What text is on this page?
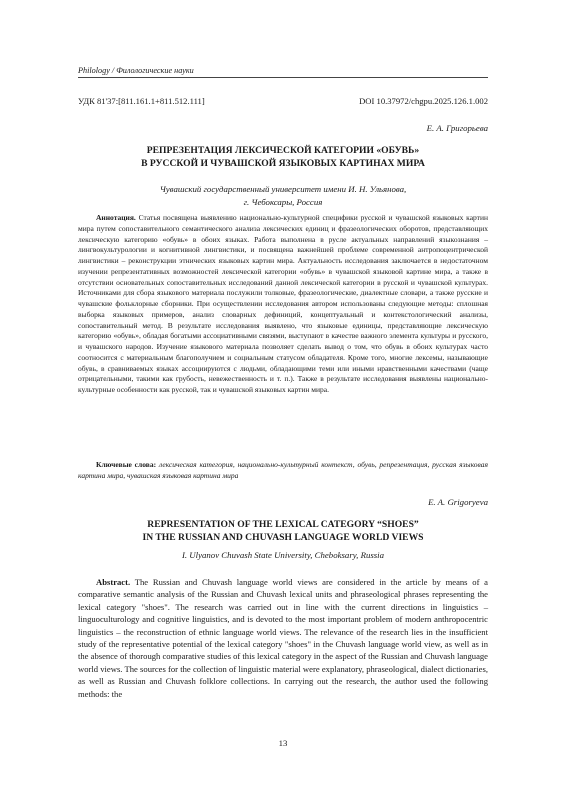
Philology / Филологические науки
УДК 81'37:[811.161.1+811.512.111]	DOI 10.37972/chgpu.2025.126.1.002
Е. А. Григорьева
РЕПРЕЗЕНТАЦИЯ ЛЕКСИЧЕСКОЙ КАТЕГОРИИ «ОБУВЬ»
В РУССКОЙ И ЧУВАШСКОЙ ЯЗЫКОВЫХ КАРТИНАХ МИРА
Чувашский государственный университет имени И. Н. Ульянова,
г. Чебоксары, Россия

Аннотация. Статья посвящена выявлению национально-культурной специфики русской и чувашской языковых картин мира путем сопоставительного семантического анализа лексических единиц и фразеологических оборотов, представляющих лексическую категорию «обувь» в обоих языках. Работа выполнена в русле актуальных направлений языкознания – лингвокультурологии и когнитивной лингвистики, и посвящена важнейшей проблеме современной антропоцентрической лингвистики – реконструкции этнических языковых картин мира. Актуальность исследования заключается в недостаточном изучении репрезентативных возможностей лексической категории «обувь» в чувашской языковой картине мира, а также в отсутствии основательных сопоставительных исследований данной лексической категории в русской и чувашской культурах. Источниками для сбора языкового материала послужили толковые, фразеологические, диалектные словари, а также русские и чувашские фольклорные сборники. При осуществлении исследования автором использованы следующие методы: сплошная выборка языковых примеров, анализ словарных дефиниций, концептуальный и контекстологический анализы, сопоставительный метод. В результате исследования выявлено, что языковые единицы, представляющие лексическую категорию «обувь», обладая богатыми ассоциативными связями, выступают в качестве важного элемента культуры и русского, и чувашского народов. Изучение языкового материала позволяет сделать вывод о том, что обувь в обоих культурах часто соотносится с материальным благополучием и социальным статусом обладателя. Кроме того, многие лексемы, называющие обувь, в сравниваемых языках ассоциируются с людьми, обладающими теми или иными нравственными качествами (чаще отрицательными, такими как грубость, невежественность и т. п.). Также в результате исследования выявлены национально-культурные особенности как русской, так и чувашской языковых картин мира.

Ключевые слова: лексическая категория, национально-культурный контекст, обувь, репрезентация, русская языковая картина мира, чувашская языковая картина мира

E. A. Grigoryeva
REPRESENTATION OF THE LEXICAL CATEGORY “SHOES”
IN THE RUSSIAN AND CHUVASH LANGUAGE WORLD VIEWS
I. Ulyanov Chuvash State University, Cheboksary, Russia

Abstract. The Russian and Chuvash language world views are considered in the article by means of a comparative semantic analysis of the Russian and Chuvash lexical units and phraseological phrases representing the lexical category "shoes". The research was carried out in line with the current directions in linguistics – linguoculturology and cognitive linguistics, and is devoted to the most important problem of modern anthropocentric linguistics – the reconstruction of ethnic language world views. The relevance of the research lies in the insufficient study of the representative potential of the lexical category "shoes" in the Chuvash language world view, as well as in the absence of thorough comparative studies of this lexical category in the aspect of the Russian and Chuvash language world views. The sources for the collection of linguistic material were explanatory, phraseological, dialect dictionaries, as well as Russian and Chuvash folklore collections. In carrying out the research, the author used the following methods: the

13
